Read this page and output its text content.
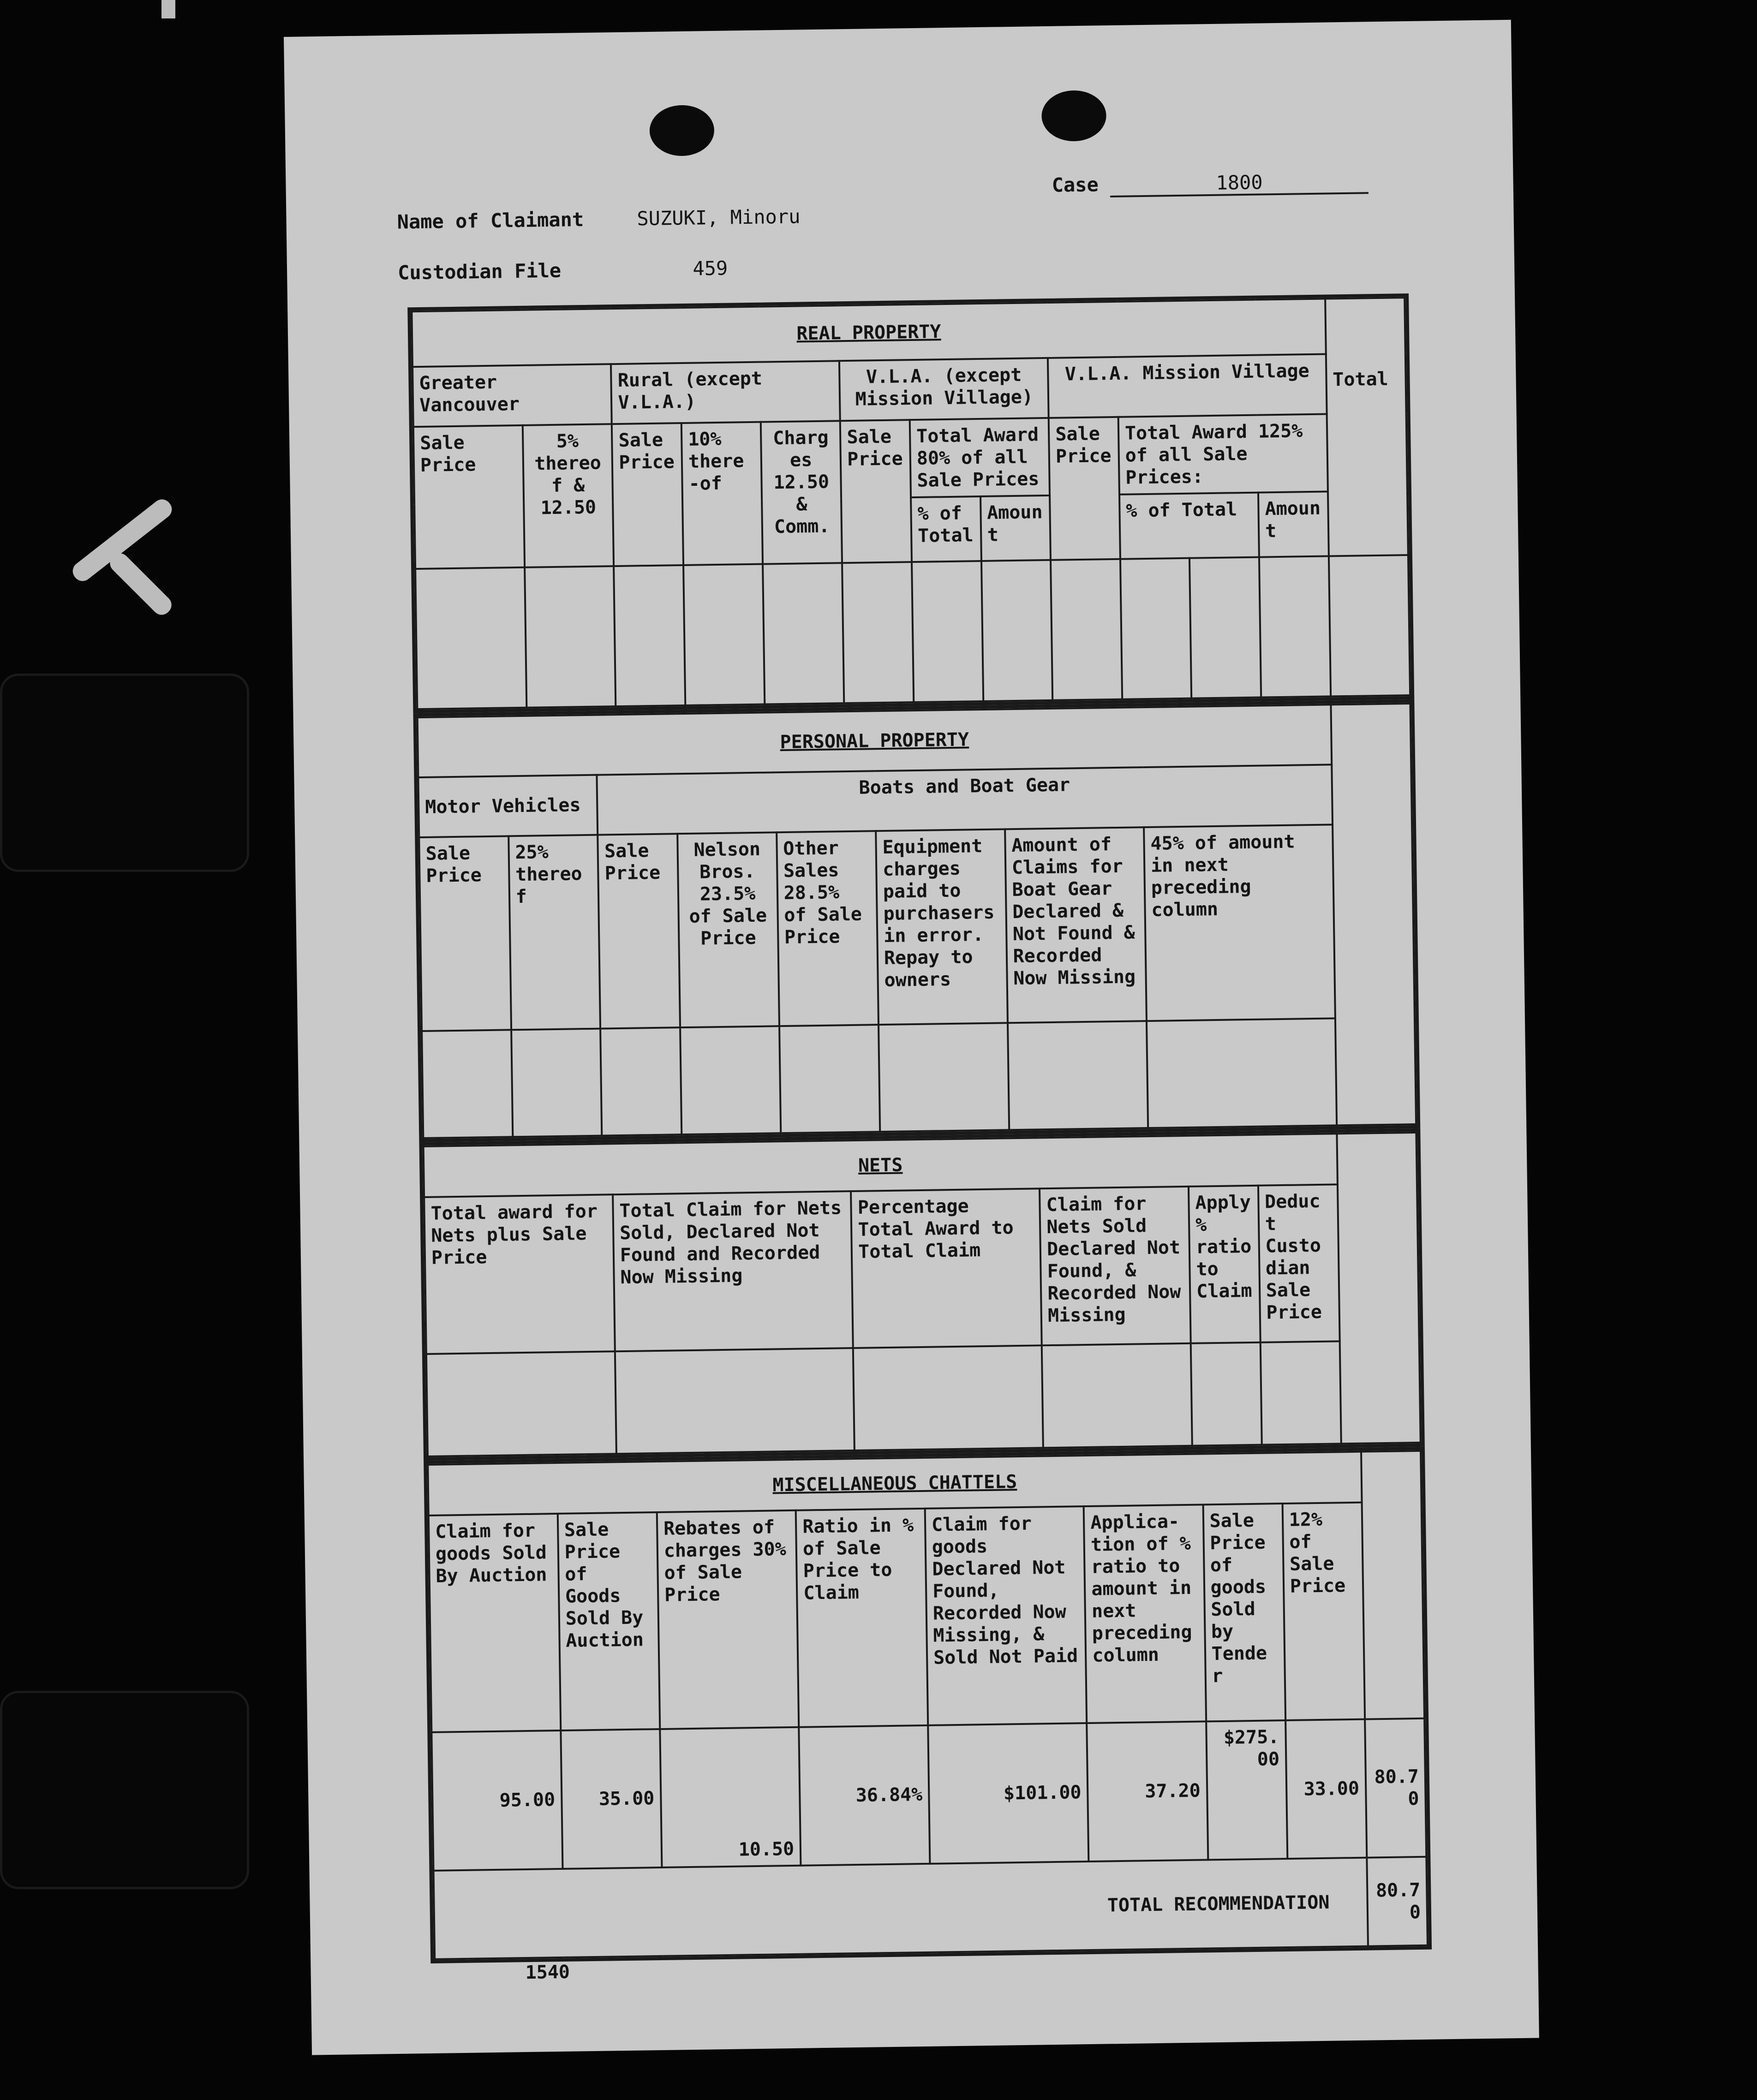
Name of Claimant	SUZUKI, Minoru
Case	1800
Custodian File	459
REAL PROPERTY												Total
Greater Vancouver		Rural (except V.L.A.)			V.L.A. (except Mission Village)			V.L.A. Mission Village				
Sale Price	5% thereof & 12.50	Sale Price	10% there-of	Charges 12.50 & Comm.	Sale Price	Total Award 80% of all Sale Prices		Sale Price	Total Award 125% of all Sale Prices:			
						% of Total	Amount		% of Total		Amount	

PERSONAL PROPERTY								
Motor Vehicles		Boats and Boat Gear						
Sale Price	25% thereof	Sale Price	Nelson Bros. 23.5% of Sale Price	Other Sales 28.5% of Sale Price	Equipment charges paid to purchasers in error. Repay to owners	Amount of Claims for Boat Gear Declared & Not Found & Recorded Now Missing	45% of amount in next preceding column	

NETS						
Total award for Nets plus Sale Price	Total Claim for Nets Sold, Declared Not Found and Recorded Now Missing	Percentage Total Award to Total Claim	Claim for Nets Sold Declared Not Found, & Recorded Now Missing	Apply % ratio to Claim	Deduct Custodian Sale Price	

MISCELLANEOUS CHATTELS								
Claim for goods Sold By Auction	Sale Price of Goods Sold By Auction	Rebates of charges 30% of Sale Price	Ratio in % of Sale Price to Claim	Claim for goods Declared Not Found, Recorded Now Missing, & Sold Not Paid	Applica-tion of % ratio to amount in next preceding column	Sale Price of goods Sold by Tender	12% of Sale Price	
95.00	35.00	10.50	36.84%	$101.00	37.20	$275.00	33.00	80.70
TOTAL RECOMMENDATION								80.70
1540
